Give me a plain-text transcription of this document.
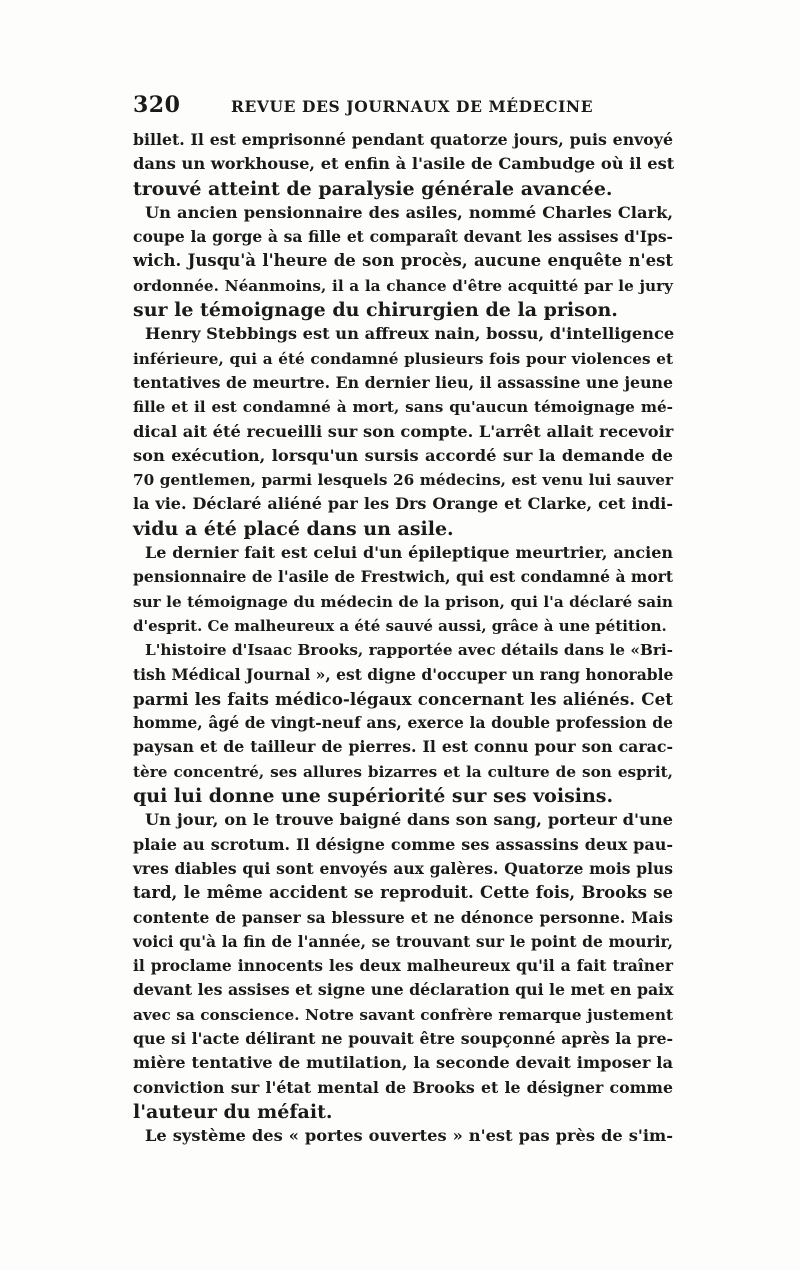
320	REVUE DES JOURNAUX DE MÉDECINE
billet. Il est emprisonné pendant quatorze jours, puis envoyé
dans un workhouse, et enfin à l'asile de Cambudge où il est
trouvé atteint de paralysie générale avancée.
Un ancien pensionnaire des asiles, nommé Charles Clark,
coupe la gorge à sa fille et comparaît devant les assises d'Ips-
wich. Jusqu'à l'heure de son procès, aucune enquête n'est
ordonnée. Néanmoins, il a la chance d'être acquitté par le jury
sur le témoignage du chirurgien de la prison.
Henry Stebbings est un affreux nain, bossu, d'intelligence
inférieure, qui a été condamné plusieurs fois pour violences et
tentatives de meurtre. En dernier lieu, il assassine une jeune
fille et il est condamné à mort, sans qu'aucun témoignage mé-
dical ait été recueilli sur son compte. L'arrêt allait recevoir
son exécution, lorsqu'un sursis accordé sur la demande de
70 gentlemen, parmi lesquels 26 médecins, est venu lui sauver
la vie. Déclaré aliéné par les Drs Orange et Clarke, cet indi-
vidu a été placé dans un asile.
Le dernier fait est celui d'un épileptique meurtrier, ancien
pensionnaire de l'asile de Frestwich, qui est condamné à mort
sur le témoignage du médecin de la prison, qui l'a déclaré sain
d'esprit. Ce malheureux a été sauvé aussi, grâce à une pétition.
L'histoire d'Isaac Brooks, rapportée avec détails dans le «Bri-
tish Médical Journal », est digne d'occuper un rang honorable
parmi les faits médico-légaux concernant les aliénés. Cet
homme, âgé de vingt-neuf ans, exerce la double profession de
paysan et de tailleur de pierres. Il est connu pour son carac-
tère concentré, ses allures bizarres et la culture de son esprit,
qui lui donne une supériorité sur ses voisins.
Un jour, on le trouve baigné dans son sang, porteur d'une
plaie au scrotum. Il désigne comme ses assassins deux pau-
vres diables qui sont envoyés aux galères. Quatorze mois plus
tard, le même accident se reproduit. Cette fois, Brooks se
contente de panser sa blessure et ne dénonce personne. Mais
voici qu'à la fin de l'année, se trouvant sur le point de mourir,
il proclame innocents les deux malheureux qu'il a fait traîner
devant les assises et signe une déclaration qui le met en paix
avec sa conscience. Notre savant confrère remarque justement
que si l'acte délirant ne pouvait être soupçonné après la pre-
mière tentative de mutilation, la seconde devait imposer la
conviction sur l'état mental de Brooks et le désigner comme
l'auteur du méfait.
Le système des « portes ouvertes » n'est pas près de s'im-
